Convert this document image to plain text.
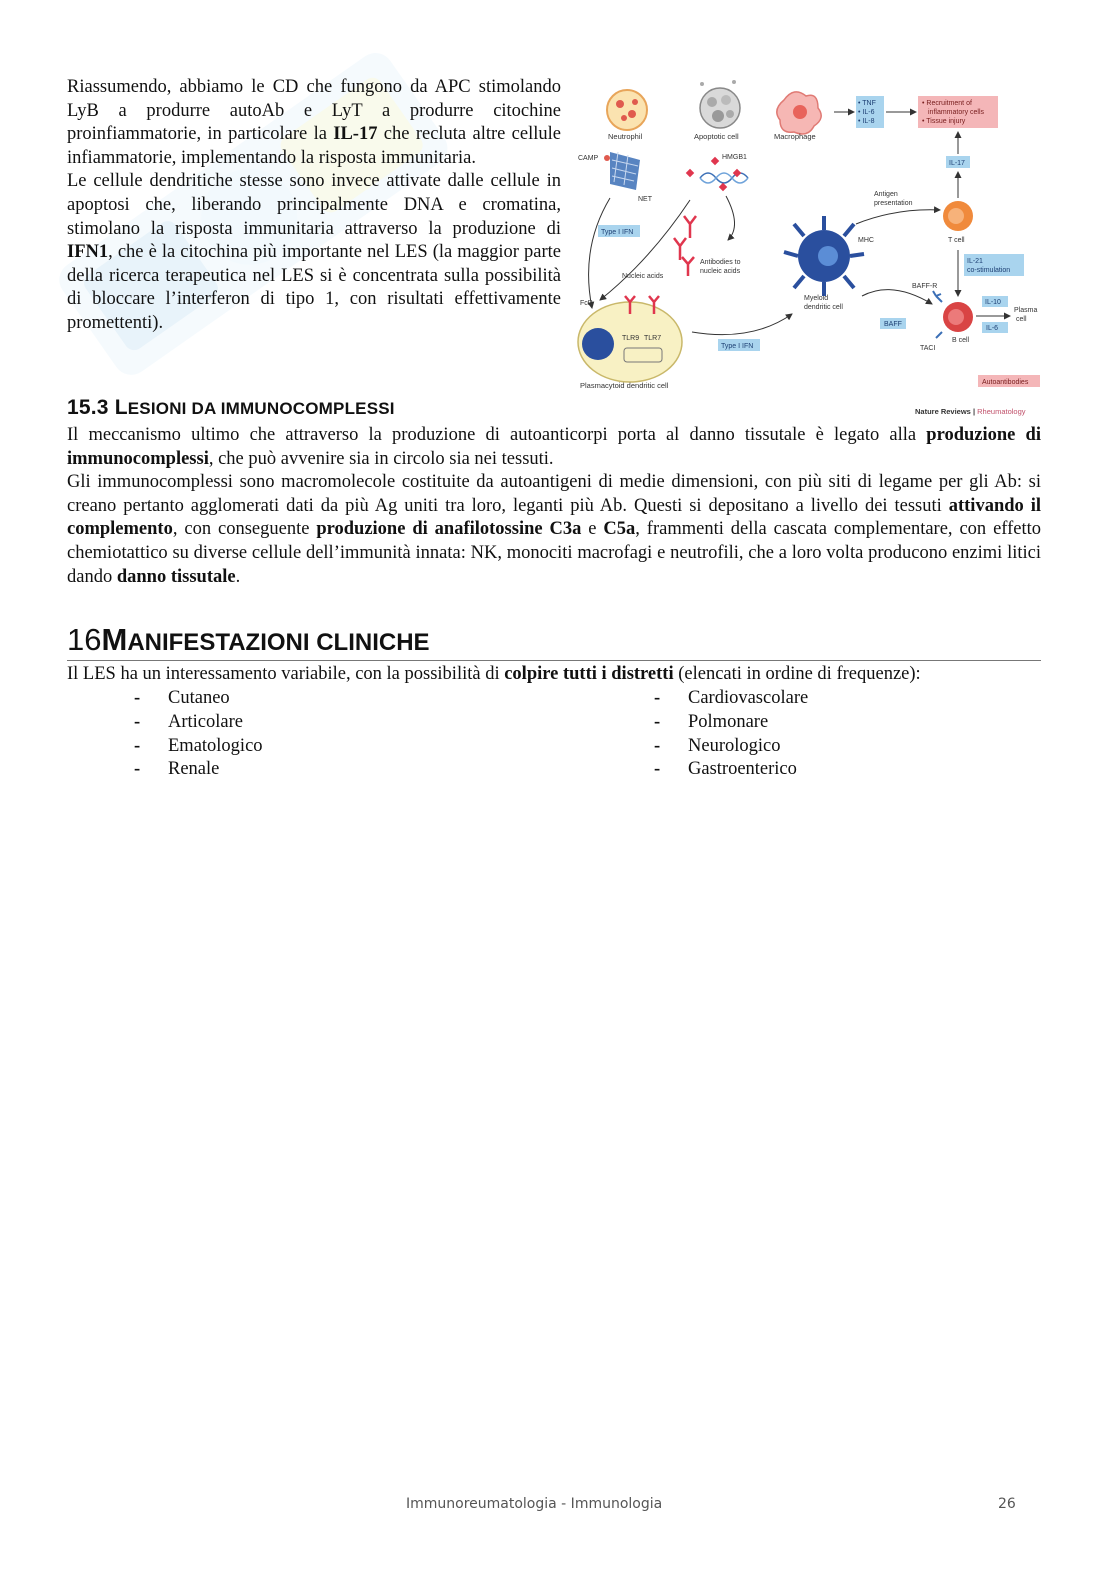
Riassumendo, abbiamo le CD che fungono da APC stimolando LyB a produrre autoAb e LyT a produrre citochine proinfiammatorie, in particolare la IL-17 che recluta altre cellule infiammatorie, implementando la risposta immunitaria.

Le cellule dendritiche stesse sono invece attivate dalle cellule in apoptosi che, liberando principalmente DNA e cromatina, stimolano la risposta immunitaria attraverso la produzione di IFN1, che è la citochina più importante nel LES (la maggior parte della ricerca terapeutica nel LES si è concentrata sulla possibilità di bloccare l’interferon di tipo 1, con risultati effettivamente promettenti).

Neutrophil	Apoptotic cell	Macrophage
• TNF
• IL-6
• IL-8
• Recruitment of
inflammatory cells
• Tissue injury
CAMP
NET
HMGB1
Type I IFN
Antibodies to
nucleic acids
Nucleic acids
FcR
TLR9 TLR7
Plasmacytoid dendritic cell
Type I IFN
MHC
Myeloid
dendritic cell
Antigen
presentation
T cell
IL-17
IL-21
co-stimulation
BAFF-R
B cell
BAFF
TACI
IL-10
IL-6
Plasma
cell
Autoantibodies
Nature Reviews | Rheumatology
15.3 LESIONI DA IMMUNOCOMPLESSI

Il meccanismo ultimo che attraverso la produzione di autoanticorpi porta al danno tissutale è legato alla produzione di immunocomplessi, che può avvenire sia in circolo sia nei tessuti.

Gli immunocomplessi sono macromolecole costituite da autoantigeni di medie dimensioni, con più siti di legame per gli Ab: si creano pertanto agglomerati dati da più Ag uniti tra loro, leganti più Ab. Questi si depositano a livello dei tessuti attivando il complemento, con conseguente produzione di anafilotossine C3a e C5a, frammenti della cascata complementare, con effetto chemiotattico su diverse cellule dell’immunità innata: NK, monociti macrofagi e neutrofili, che a loro volta producono enzimi litici dando danno tissutale.

16MANIFESTAZIONI CLINICHE
Il LES ha un interessamento variabile, con la possibilità di colpire tutti i distretti (elencati in ordine di frequenze):
- Cutaneo
- Articolare
- Ematologico
- Renale
- Cardiovascolare
- Polmonare
- Neurologico
- Gastroenterico
Immunoreumatologia - Immunologia	26
